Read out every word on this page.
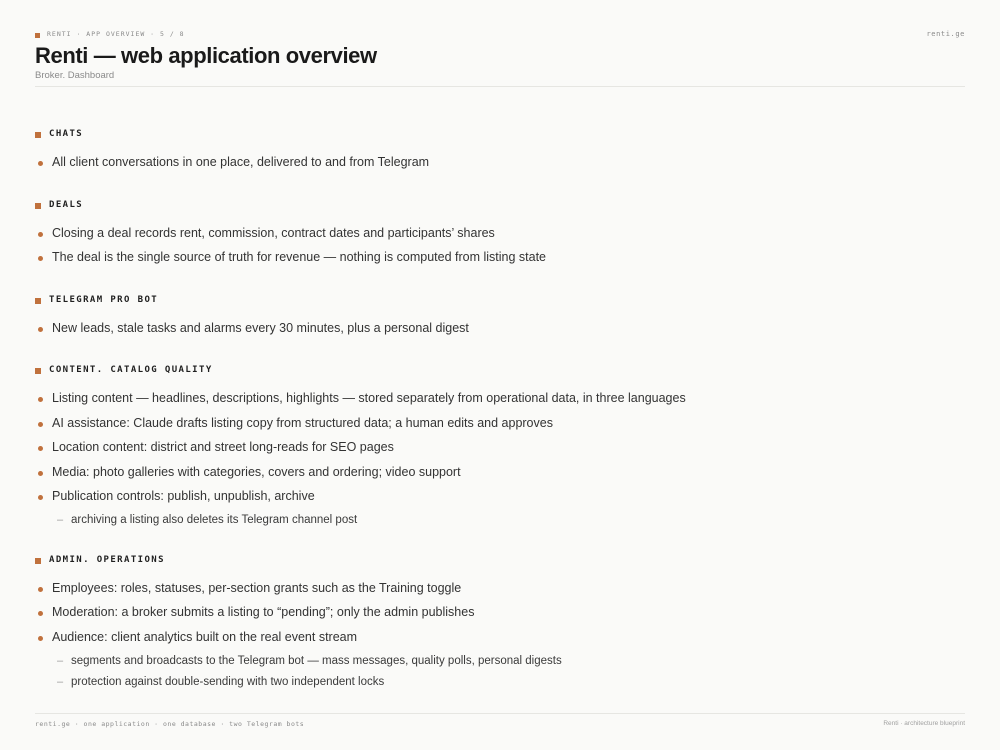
RENTI · APP OVERVIEW · 5 / 8	renti.ge
Renti — web application overview
Broker. Dashboard
CHATS
All client conversations in one place, delivered to and from Telegram
DEALS
Closing a deal records rent, commission, contract dates and participants’ shares
The deal is the single source of truth for revenue — nothing is computed from listing state
TELEGRAM PRO BOT
New leads, stale tasks and alarms every 30 minutes, plus a personal digest
CONTENT. CATALOG QUALITY
Listing content — headlines, descriptions, highlights — stored separately from operational data, in three languages
AI assistance: Claude drafts listing copy from structured data; a human edits and approves
Location content: district and street long-reads for SEO pages
Media: photo galleries with categories, covers and ordering; video support
Publication controls: publish, unpublish, archive
– archiving a listing also deletes its Telegram channel post
ADMIN. OPERATIONS
Employees: roles, statuses, per-section grants such as the Training toggle
Moderation: a broker submits a listing to “pending”; only the admin publishes
Audience: client analytics built on the real event stream
– segments and broadcasts to the Telegram bot — mass messages, quality polls, personal digests
– protection against double-sending with two independent locks
renti.ge · one application · one database · two Telegram bots	Renti · architecture blueprint
